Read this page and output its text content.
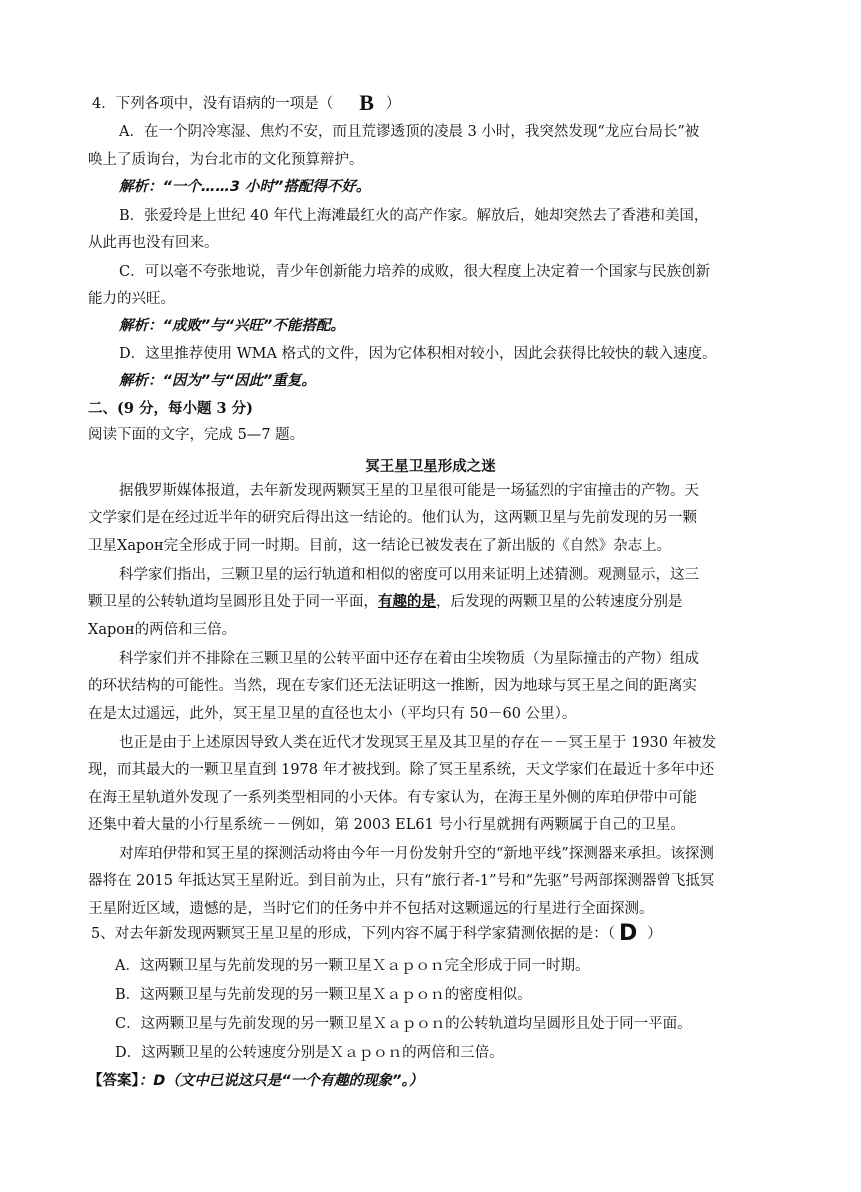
4．下列各项中，没有语病的一项是（ B ）
A．在一个阴冷寒湿、焦灼不安，而且荒谬透顶的凌晨 3 小时，我突然发现“龙应台局长”被
唤上了质询台，为台北市的文化预算辩护。
解析：“一个……3 小时”搭配得不好。
B．张爱玲是上世纪 40 年代上海滩最红火的高产作家。解放后，她却突然去了香港和美国，
从此再也没有回来。
C．可以毫不夸张地说，青少年创新能力培养的成败，很大程度上决定着一个国家与民族创新
能力的兴旺。
解析：“成败”与“兴旺”不能搭配。
D．这里推荐使用 WMA 格式的文件，因为它体积相对较小，因此会获得比较快的载入速度。
解析：“因为”与“因此”重复。
二、(9 分，每小题 3 分)
阅读下面的文字，完成 5—7 题。
冥王星卫星形成之迷
据俄罗斯媒体报道，去年新发现两颗冥王星的卫星很可能是一场猛烈的宇宙撞击的产物。天
文学家们是在经过近半年的研究后得出这一结论的。他们认为，这两颗卫星与先前发现的另一颗
卫星Харон完全形成于同一时期。目前，这一结论已被发表在了新出版的《自然》杂志上。
科学家们指出，三颗卫星的运行轨道和相似的密度可以用来证明上述猜测。观测显示，这三
颗卫星的公转轨道均呈圆形且处于同一平面，有趣的是，后发现的两颗卫星的公转速度分别是
Харон的两倍和三倍。
科学家们并不排除在三颗卫星的公转平面中还存在着由尘埃物质（为星际撞击的产物）组成
的环状结构的可能性。当然，现在专家们还无法证明这一推断，因为地球与冥王星之间的距离实
在是太过遥远，此外，冥王星卫星的直径也太小（平均只有 50－60 公里）。
也正是由于上述原因导致人类在近代才发现冥王星及其卫星的存在－－冥王星于 1930 年被发
现，而其最大的一颗卫星直到 1978 年才被找到。除了冥王星系统，天文学家们在最近十多年中还
在海王星轨道外发现了一系列类型相同的小天体。有专家认为，在海王星外侧的库珀伊带中可能
还集中着大量的小行星系统－－例如，第 2003 EL61 号小行星就拥有两颗属于自己的卫星。
对库珀伊带和冥王星的探测活动将由今年一月份发射升空的“新地平线”探测器来承担。该探测
器将在 2015 年抵达冥王星附近。到目前为止，只有“旅行者-1”号和“先驱”号两部探测器曾飞抵冥
王星附近区域，遗憾的是，当时它们的任务中并不包括对这颗遥远的行星进行全面探测。
5、对去年新发现两颗冥王星卫星的形成，下列内容不属于科学家猜测依据的是：（ D ）
A．这两颗卫星与先前发现的另一颗卫星Ｘａｐｏｎ完全形成于同一时期。
B．这两颗卫星与先前发现的另一颗卫星Ｘａｐｏｎ的密度相似。
C．这两颗卫星与先前发现的另一颗卫星Ｘａｐｏｎ的公转轨道均呈圆形且处于同一平面。
D．这两颗卫星的公转速度分别是Ｘａｐｏｎ的两倍和三倍。
【答案】：D（文中已说这只是“一个有趣的现象”。）
